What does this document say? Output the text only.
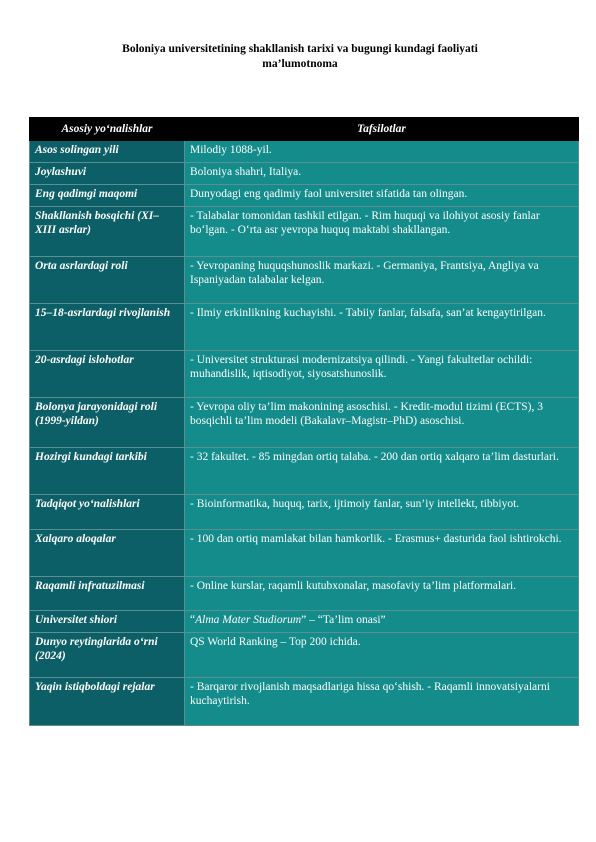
Boloniya universitetining shakllanish tarixi va bugungi kundagi faoliyati
ma’lumotnoma
Asosiy yo‘nalishlar	Tafsilotlar
Asos solingan yili	Milodiy 1088-yil.
Joylashuvi	Boloniya shahri, Italiya.
Eng qadimgi maqomi	Dunyodagi eng qadimiy faol universitet sifatida tan olingan.
Shakllanish bosqichi (XI–XIII asrlar)	- Talabalar tomonidan tashkil etilgan. - Rim huquqi va ilohiyot asosiy fanlar bo‘lgan. - O‘rta asr yevropa huquq maktabi shakllangan.
Orta asrlardagi roli	- Yevropaning huquqshunoslik markazi. - Germaniya, Frantsiya, Angliya va Ispaniyadan talabalar kelgan.
15–18-asrlardagi rivojlanish	- Ilmiy erkinlikning kuchayishi. - Tabiiy fanlar, falsafa, san’at kengaytirilgan.
20-asrdagi islohotlar	- Universitet strukturasi modernizatsiya qilindi. - Yangi fakultetlar ochildi: muhandislik, iqtisodiyot, siyosatshunoslik.
Bolonya jarayonidagi roli (1999-yildan)	- Yevropa oliy ta’lim makonining asoschisi. - Kredit-modul tizimi (ECTS), 3 bosqichli ta’lim modeli (Bakalavr–Magistr–PhD) asoschisi.
Hozirgi kundagi tarkibi	- 32 fakultet. - 85 mingdan ortiq talaba. - 200 dan ortiq xalqaro ta’lim dasturlari.
Tadqiqot yo‘nalishlari	- Bioinformatika, huquq, tarix, ijtimoiy fanlar, sun’iy intellekt, tibbiyot.
Xalqaro aloqalar	- 100 dan ortiq mamlakat bilan hamkorlik. - Erasmus+ dasturida faol ishtirokchi.
Raqamli infratuzilmasi	- Online kurslar, raqamli kutubxonalar, masofaviy ta’lim platformalari.
Universitet shiori	“Alma Mater Studiorum” – “Ta’lim onasi”
Dunyo reytinglarida o‘rni (2024)	QS World Ranking – Top 200 ichida.
Yaqin istiqboldagi rejalar	- Barqaror rivojlanish maqsadlariga hissa qo‘shish. - Raqamli innovatsiyalarni kuchaytirish.
